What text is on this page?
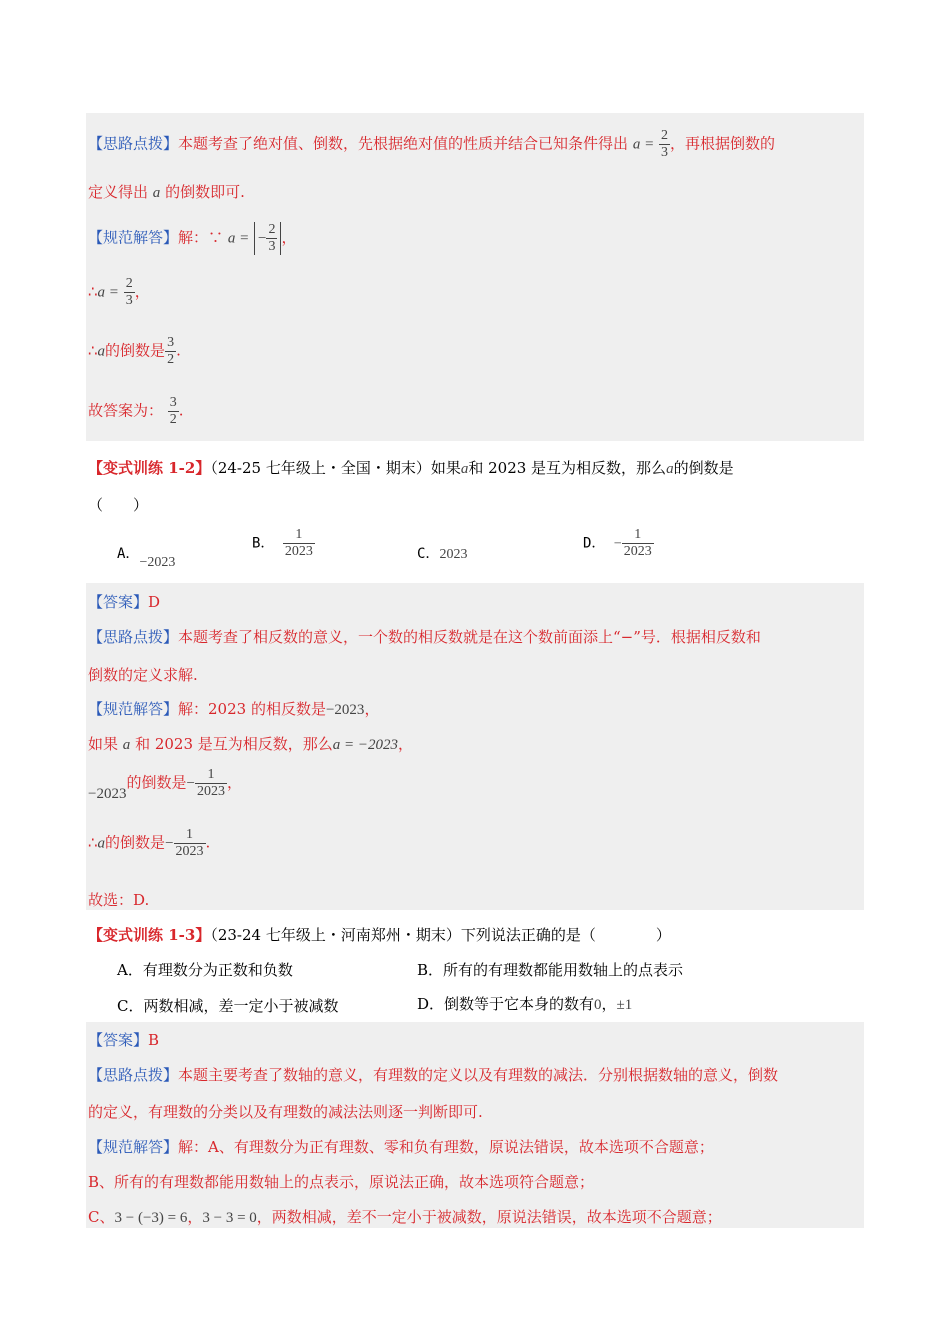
【思路点拨】本题考查了绝对值、倒数，先根据绝对值的性质并结合已知条件得出 $a = \frac{2}{3}$ ，再根据倒数的
定义得出 a 的倒数即可.
【规范解答】解：∵ a = − $\frac{2}{3}$ ，
∴a = $\frac{2}{3}$ ，
∴a的倒数是 $\frac{3}{2}$ .
故答案为： $\frac{3}{2}$ .
【变式训练 1-2】（24-25 七年级上・全国・期末）如果a和 2023 是互为相反数，那么a的倒数是
（　　）
A．−2023
B． $\frac{1}{2023}$	C．2023
D． − $\frac{1}{2023}$
【答案】D
【思路点拨】本题考查了相反数的意义，一个数的相反数就是在这个数前面添上“−”号．根据相反数和
倒数的定义求解.
【规范解答】解：2023 的相反数是−2023，
如果 a 和 2023 是互为相反数，那么a = −2023，
−2023的倒数是− $\frac{1}{2023}$ ，
∴a的倒数是− $\frac{1}{2023}$ .
故选：D.
【变式训练 1-3】（23-24 七年级上・河南郑州・期末）下列说法正确的是（　　　　）
A．有理数分为正数和负数	B．所有的有理数都能用数轴上的点表示
C．两数相减，差一定小于被减数	D．倒数等于它本身的数有0，±1
【答案】B
【思路点拨】本题主要考查了数轴的意义，有理数的定义以及有理数的减法．分别根据数轴的意义，倒数
的定义，有理数的分类以及有理数的减法法则逐一判断即可.
【规范解答】解：A、有理数分为正有理数、零和负有理数，原说法错误，故本选项不合题意；
B、所有的有理数都能用数轴上的点表示，原说法正确，故本选项符合题意；
C、3 − (−3) = 6，3 − 3 = 0，两数相减，差不一定小于被减数，原说法错误，故本选项不合题意；
